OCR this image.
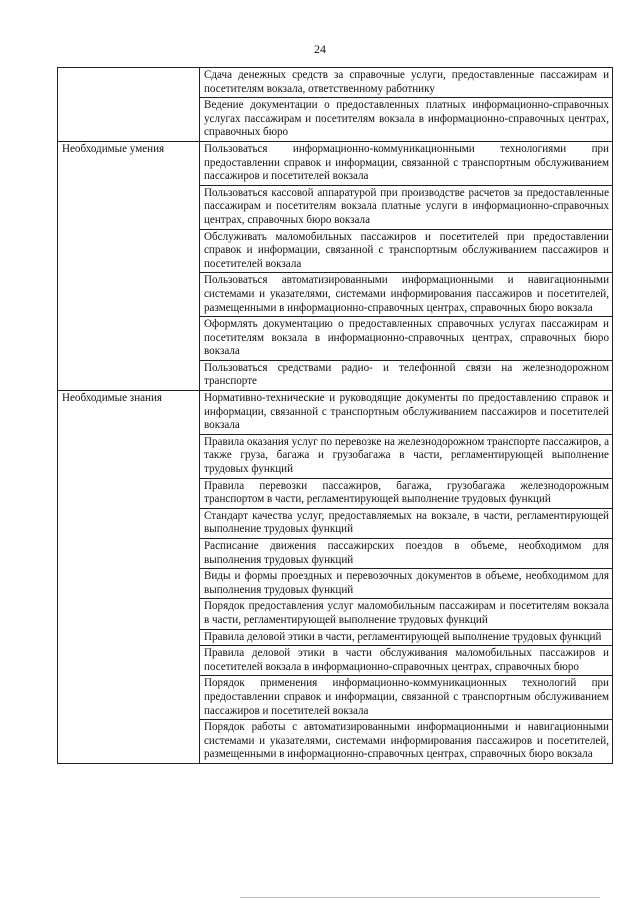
24
	Сдача денежных средств за справочные услуги, предоставленные пассажирам и посетителям вокзала, ответственному работнику
	Ведение документации о предоставленных платных информационно-справочных услугах пассажирам и посетителям вокзала в информационно-справочных центрах, справочных бюро
Необходимые умения	Пользоваться информационно-коммуникационными технологиями при предоставлении справок и информации, связанной с транспортным обслуживанием пассажиров и посетителей вокзала
	Пользоваться кассовой аппаратурой при производстве расчетов за предоставленные пассажирам и посетителям вокзала платные услуги в информационно-справочных центрах, справочных бюро вокзала
	Обслуживать маломобильных пассажиров и посетителей при предоставлении справок и информации, связанной с транспортным обслуживанием пассажиров и посетителей вокзала
	Пользоваться автоматизированными информационными и навигационными системами и указателями, системами информирования пассажиров и посетителей, размещенными в информационно-справочных центрах, справочных бюро вокзала
	Оформлять документацию о предоставленных справочных услугах пассажирам и посетителям вокзала в информационно-справочных центрах, справочных бюро вокзала
	Пользоваться средствами радио- и телефонной связи на железнодорожном транспорте
Необходимые знания	Нормативно-технические и руководящие документы по предоставлению справок и информации, связанной с транспортным обслуживанием пассажиров и посетителей вокзала
	Правила оказания услуг по перевозке на железнодорожном транспорте пассажиров, а также груза, багажа и грузобагажа в части, регламентирующей выполнение трудовых функций
	Правила перевозки пассажиров, багажа, грузобагажа железнодорожным транспортом в части, регламентирующей выполнение трудовых функций
	Стандарт качества услуг, предоставляемых на вокзале, в части, регламентирующей выполнение трудовых функций
	Расписание движения пассажирских поездов в объеме, необходимом для выполнения трудовых функций
	Виды и формы проездных и перевозочных документов в объеме, необходимом для выполнения трудовых функций
	Порядок предоставления услуг маломобильным пассажирам и посетителям вокзала в части, регламентирующей выполнение трудовых функций
	Правила деловой этики в части, регламентирующей выполнение трудовых функций
	Правила деловой этики в части обслуживания маломобильных пассажиров и посетителей вокзала в информационно-справочных центрах, справочных бюро
	Порядок применения информационно-коммуникационных технологий при предоставлении справок и информации, связанной с транспортным обслуживанием пассажиров и посетителей вокзала
	Порядок работы с автоматизированными информационными и навигационными системами и указателями, системами информирования пассажиров и посетителей, размещенными в информационно-справочных центрах, справочных бюро вокзала
